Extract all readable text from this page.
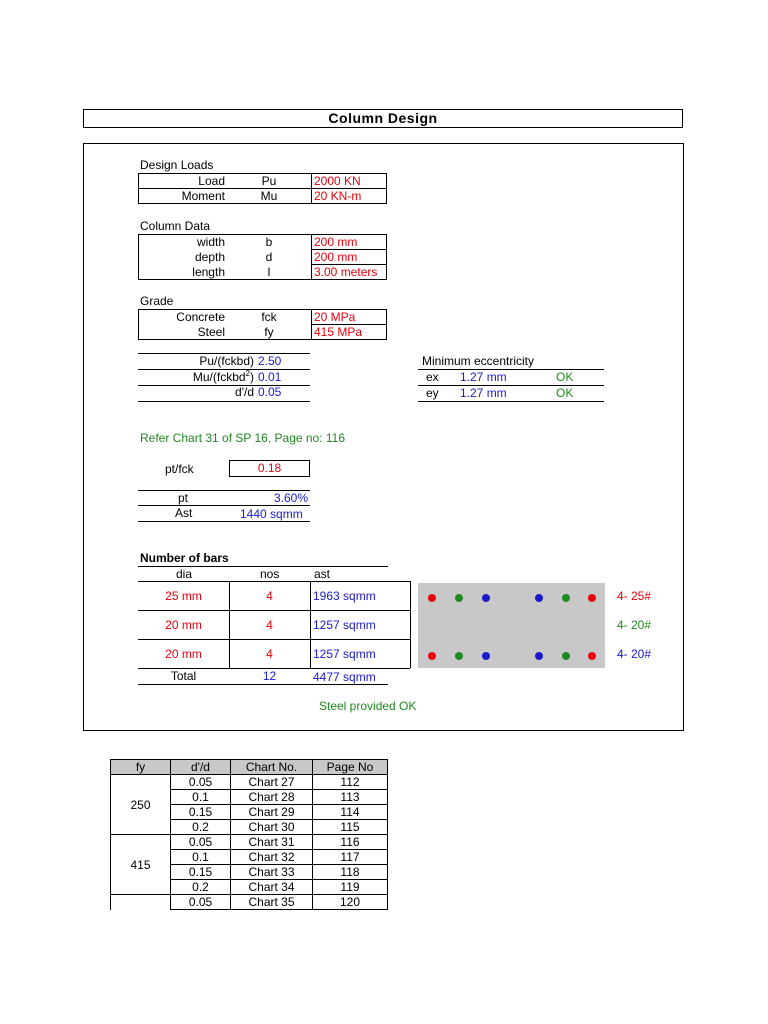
Column Design
Design Loads
Load	Pu	2000 KN
Moment	Mu	20 KN-m
Column Data
width	b	200 mm
depth	d	200 mm
length	l	3.00 meters
Grade
Concrete	fck	20 MPa
Steel	fy	415 MPa
Pu/(fckbd) 2.50
Mu/(fckbd$^2$) 0.01
d'/d 0.05
Minimum eccentricity
ex 1.27 mm	OK
ey 1.27 mm	OK
Refer Chart 31 of SP 16, Page no: 116
pt/fck	0.18
pt	3.60%
Ast	1440 sqmm
Number of bars
dia	nos	ast
25 mm	4	1963 sqmm
20 mm	4	1257 sqmm
20 mm	4	1257 sqmm
Total	12	4477 sqmm
4- 25#
4- 20#
4- 20#
Steel provided OK
fy	d'/d	Chart No.	Page No
250	0.05	Chart 27	112
	0.1	Chart 28	113
	0.15	Chart 29	114
	0.2	Chart 30	115
415	0.05	Chart 31	116
	0.1	Chart 32	117
	0.15	Chart 33	118
	0.2	Chart 34	119
	0.05	Chart 35	120
